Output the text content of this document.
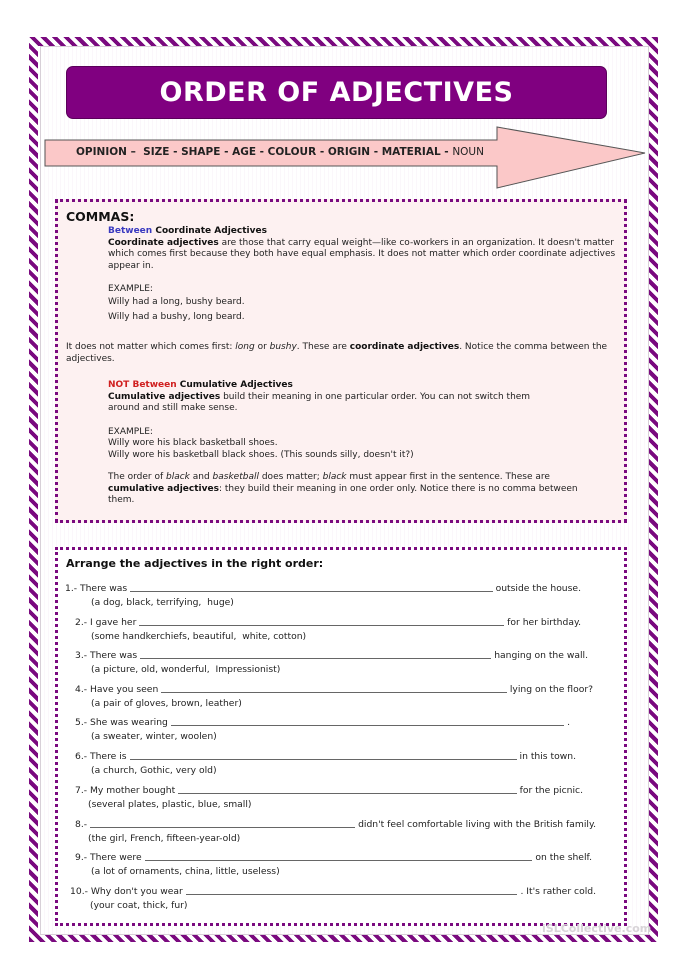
ORDER OF ADJECTIVES
OPINION –  SIZE - SHAPE - AGE - COLOUR - ORIGIN - MATERIAL - NOUN
COMMAS:

Between Coordinate Adjectives

Coordinate adjectives are those that carry equal weight—like co-workers in an organization. It doesn't matter which comes first because they both have equal emphasis. It does not matter which order coordinate adjectives appear in.

EXAMPLE:

Willy had a long, bushy beard.

Willy had a bushy, long beard.

It does not matter which comes first: long or bushy. These are coordinate adjectives. Notice the comma between the adjectives.

NOT Between Cumulative Adjectives

Cumulative adjectives build their meaning in one particular order. You can not switch them around and still make sense.

EXAMPLE:

Willy wore his black basketball shoes.

Willy wore his basketball black shoes. (This sounds silly, doesn't it?)

The order of black and basketball does matter; black must appear first in the sentence. These are cumulative adjectives: they build their meaning in one order only. Notice there is no comma between them.

Arrange the adjectives in the right order:
1.- There was	outside the house.
(a dog, black, terrifying,  huge)
2.- I gave her	for her birthday.
(some handkerchiefs, beautiful,  white, cotton)
3.- There was	hanging on the wall.
(a picture, old, wonderful,  Impressionist)
4.- Have you seen	lying on the floor?
(a pair of gloves, brown, leather)
5.- She was wearing	.
(a sweater, winter, woolen)
6.- There is	in this town.
(a church, Gothic, very old)
7.- My mother bought	for the picnic.
(several plates, plastic, blue, small)
8.-	didn't feel comfortable living with the British family.
(the girl, French, fifteen-year-old)
9.- There were	on the shelf.
(a lot of ornaments, china, little, useless)
10.- Why don't you wear	. It's rather cold.
(your coat, thick, fur)
iSLCollective.com
